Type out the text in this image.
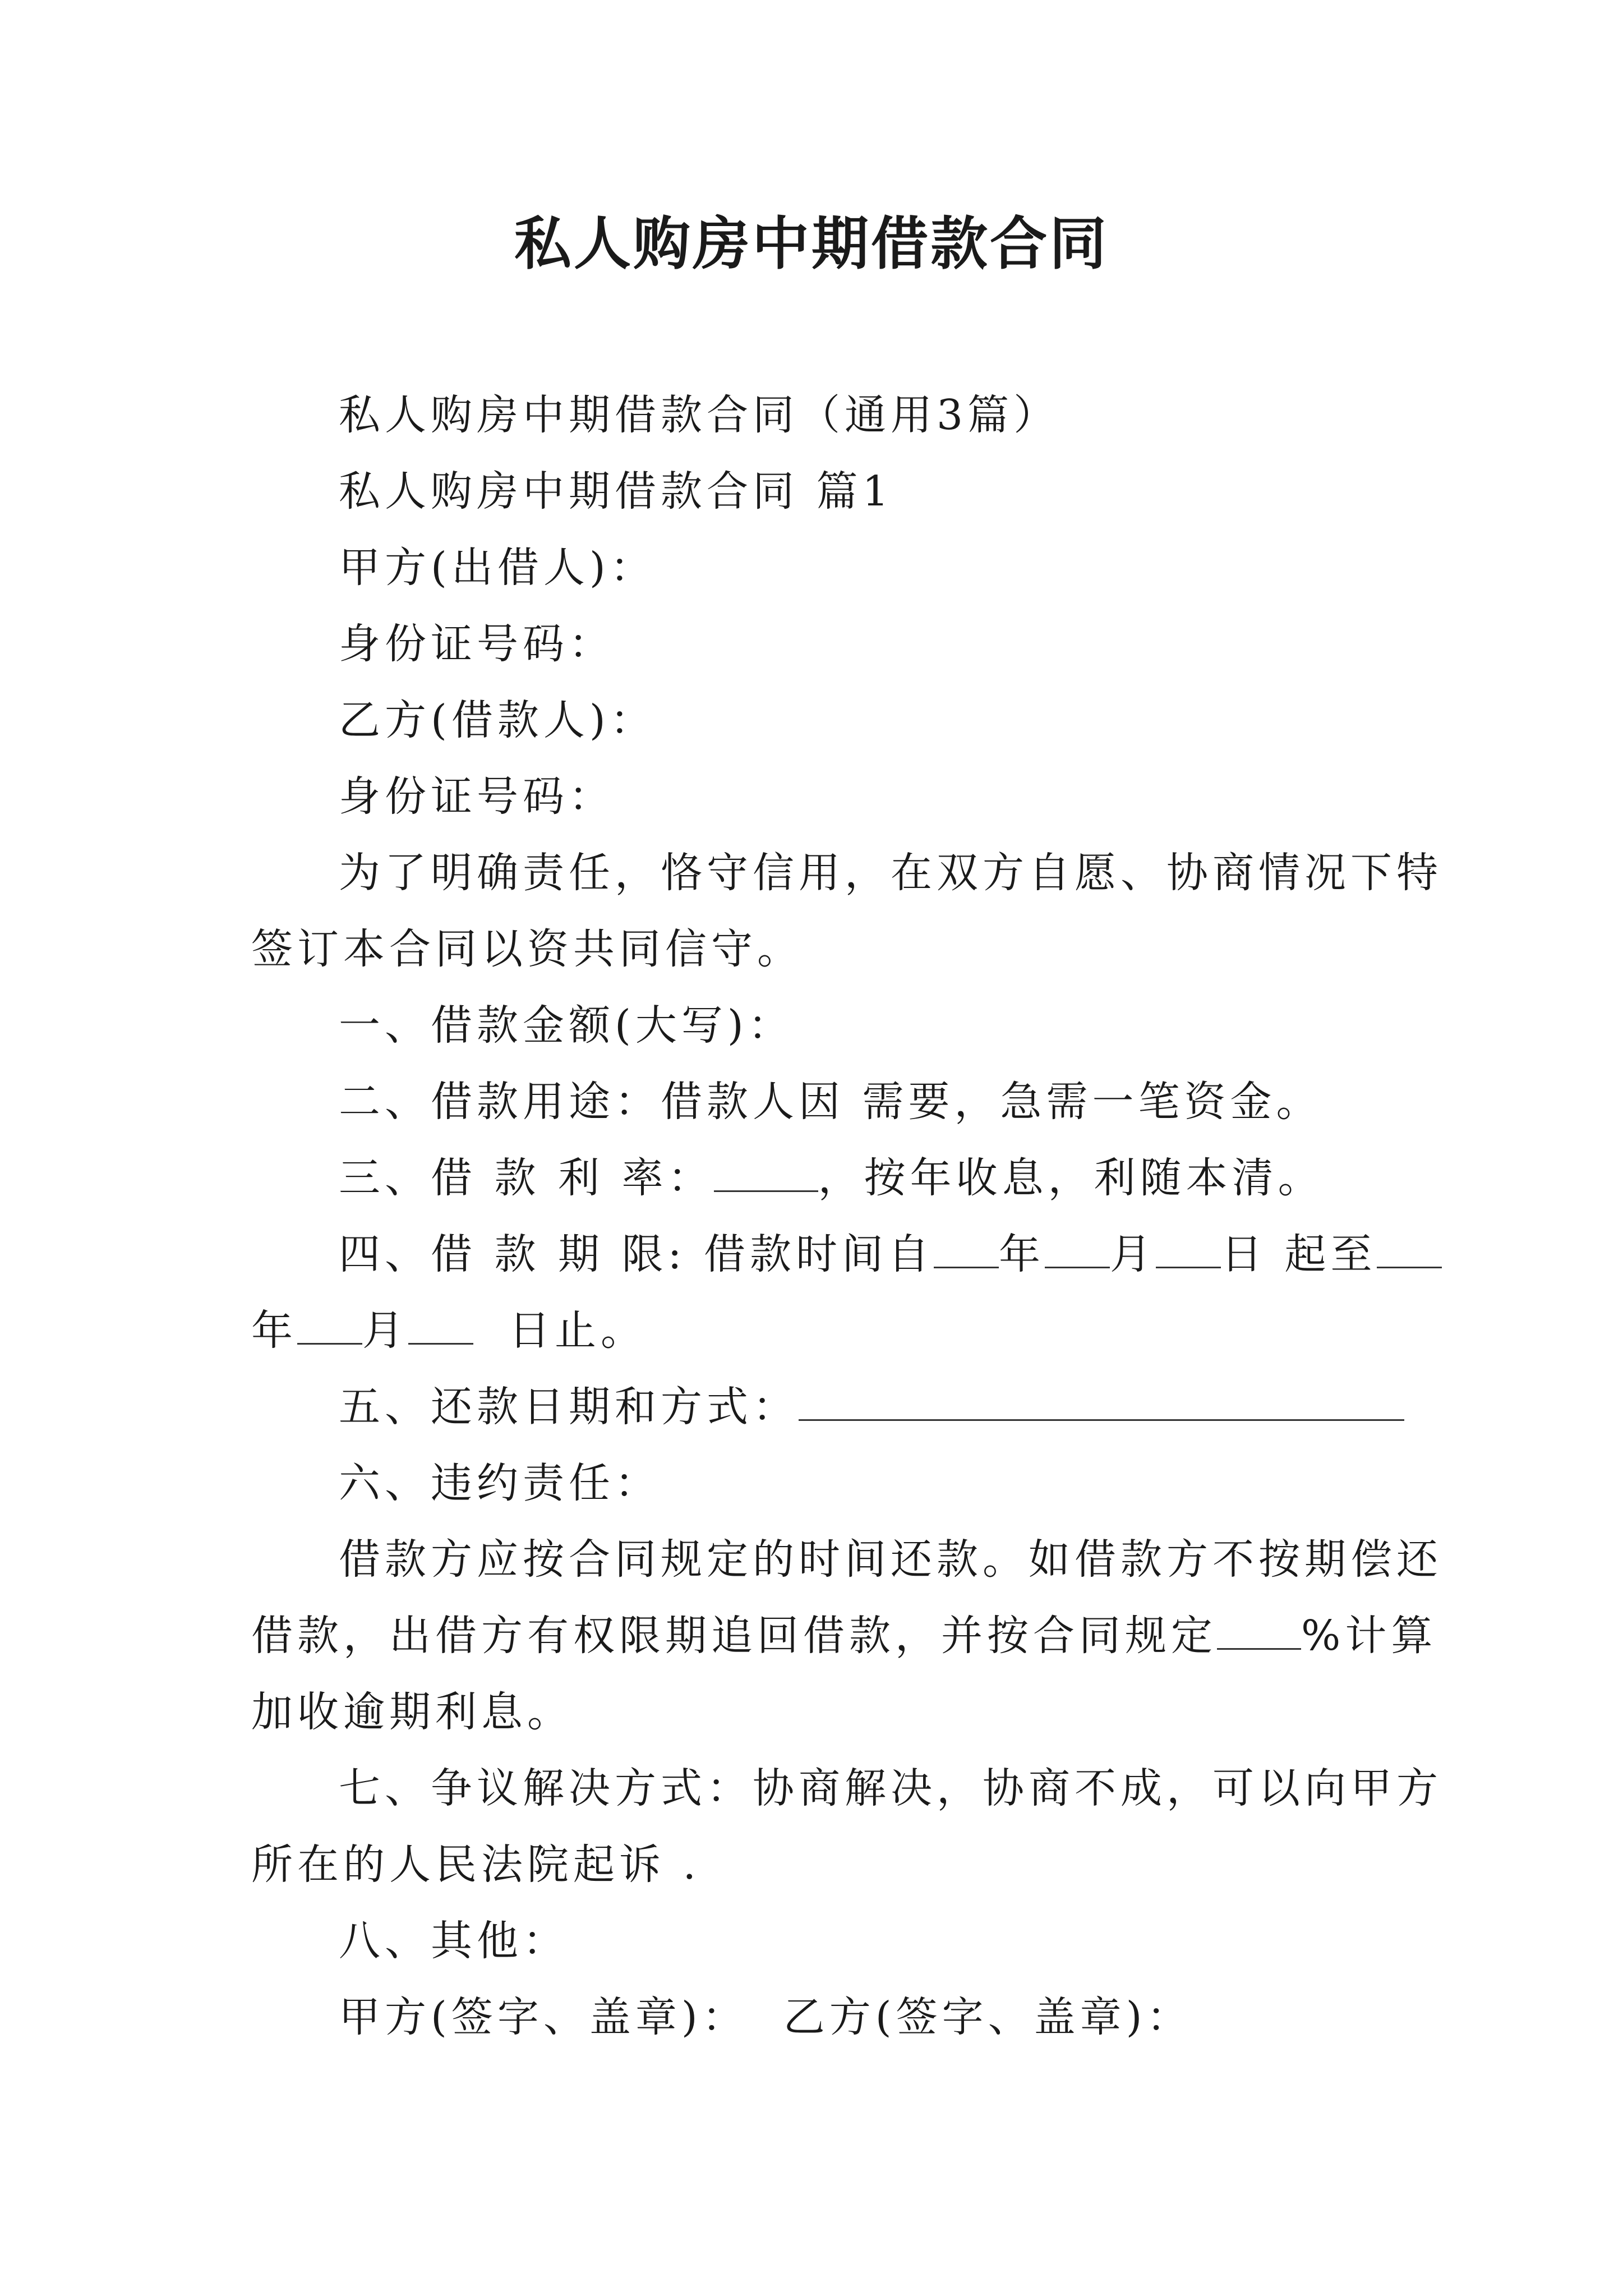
私人购房中期借款合同

私人购房中期借款合同（通用3篇）

私人购房中期借款合同 篇1

甲方(出借人)：

身份证号码：

乙方(借款人)：

身份证号码：

为了明确责任，恪守信用，在双方自愿、协商情况下特

签订本合同以资共同信守。

一、借款金额(大写)：

二、借款用途：借款人因 需要，急需一笔资金。

三、借 款 利 率：	，按年收息，利随本清。

四、借 款 期 限: 借款时间自 年 月 日 起至

年 月 日止。

五、还款日期和方式：

六、违约责任：

借款方应按合同规定的时间还款。如借款方不按期偿还

借款，出借方有权限期追回借款，并按合同规定 %计算

加收逾期利息。

七、争议解决方式：协商解决，协商不成，可以向甲方

所在的人民法院起诉 .

八、其他：

甲方(签字、盖章)： 乙方(签字、盖章)：
